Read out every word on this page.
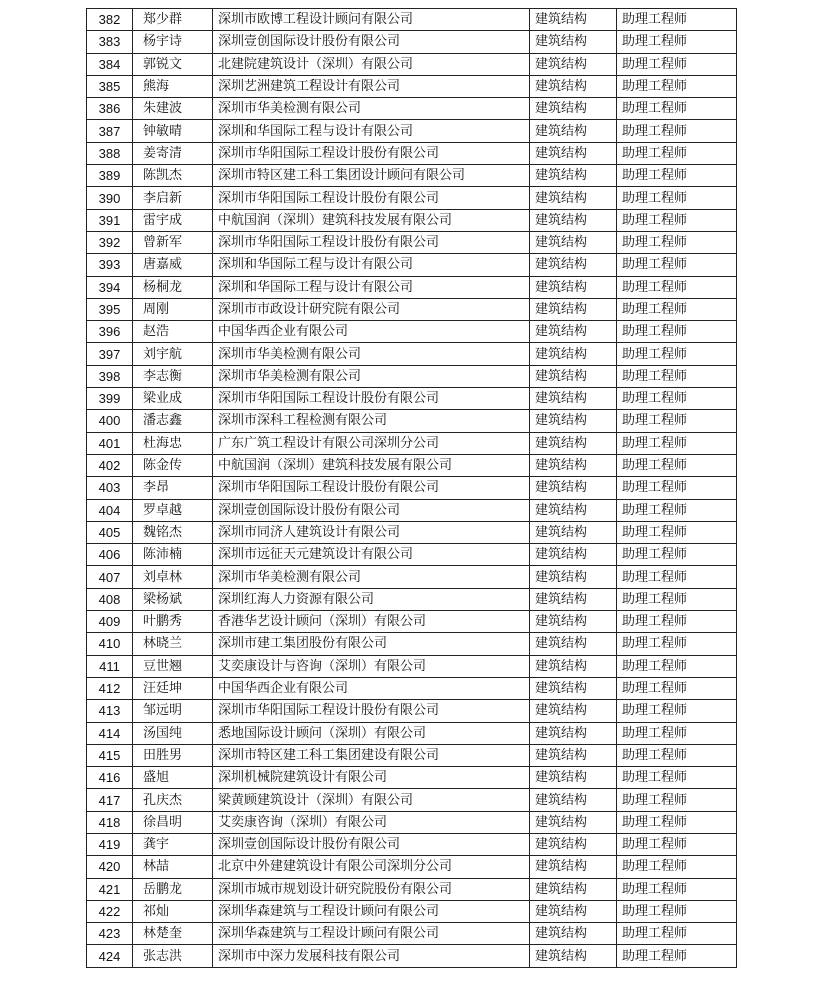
382	郑少群	深圳市欧博工程设计顾问有限公司	建筑结构	助理工程师
383	杨宇诗	深圳壹创国际设计股份有限公司	建筑结构	助理工程师
384	郭锐文	北建院建筑设计（深圳）有限公司	建筑结构	助理工程师
385	熊海	深圳艺洲建筑工程设计有限公司	建筑结构	助理工程师
386	朱建波	深圳市华美检测有限公司	建筑结构	助理工程师
387	钟敏晴	深圳和华国际工程与设计有限公司	建筑结构	助理工程师
388	姜寄清	深圳市华阳国际工程设计股份有限公司	建筑结构	助理工程师
389	陈凯杰	深圳市特区建工科工集团设计顾问有限公司	建筑结构	助理工程师
390	李启新	深圳市华阳国际工程设计股份有限公司	建筑结构	助理工程师
391	雷宇成	中航国润（深圳）建筑科技发展有限公司	建筑结构	助理工程师
392	曾新军	深圳市华阳国际工程设计股份有限公司	建筑结构	助理工程师
393	唐嘉威	深圳和华国际工程与设计有限公司	建筑结构	助理工程师
394	杨桐龙	深圳和华国际工程与设计有限公司	建筑结构	助理工程师
395	周刚	深圳市市政设计研究院有限公司	建筑结构	助理工程师
396	赵浩	中国华西企业有限公司	建筑结构	助理工程师
397	刘宇航	深圳市华美检测有限公司	建筑结构	助理工程师
398	李志衡	深圳市华美检测有限公司	建筑结构	助理工程师
399	梁业成	深圳市华阳国际工程设计股份有限公司	建筑结构	助理工程师
400	潘志鑫	深圳市深科工程检测有限公司	建筑结构	助理工程师
401	杜海忠	广东广筑工程设计有限公司深圳分公司	建筑结构	助理工程师
402	陈金传	中航国润（深圳）建筑科技发展有限公司	建筑结构	助理工程师
403	李昂	深圳市华阳国际工程设计股份有限公司	建筑结构	助理工程师
404	罗卓越	深圳壹创国际设计股份有限公司	建筑结构	助理工程师
405	魏铭杰	深圳市同济人建筑设计有限公司	建筑结构	助理工程师
406	陈沛楠	深圳市远征天元建筑设计有限公司	建筑结构	助理工程师
407	刘卓林	深圳市华美检测有限公司	建筑结构	助理工程师
408	梁杨斌	深圳红海人力资源有限公司	建筑结构	助理工程师
409	叶鹏秀	香港华艺设计顾问（深圳）有限公司	建筑结构	助理工程师
410	林晓兰	深圳市建工集团股份有限公司	建筑结构	助理工程师
411	豆世翘	艾奕康设计与咨询（深圳）有限公司	建筑结构	助理工程师
412	汪廷坤	中国华西企业有限公司	建筑结构	助理工程师
413	邹远明	深圳市华阳国际工程设计股份有限公司	建筑结构	助理工程师
414	汤国纯	悉地国际设计顾问（深圳）有限公司	建筑结构	助理工程师
415	田胜男	深圳市特区建工科工集团建设有限公司	建筑结构	助理工程师
416	盛旭	深圳机械院建筑设计有限公司	建筑结构	助理工程师
417	孔庆杰	梁黄顾建筑设计（深圳）有限公司	建筑结构	助理工程师
418	徐昌明	艾奕康咨询（深圳）有限公司	建筑结构	助理工程师
419	龚宇	深圳壹创国际设计股份有限公司	建筑结构	助理工程师
420	林喆	北京中外建建筑设计有限公司深圳分公司	建筑结构	助理工程师
421	岳鹏龙	深圳市城市规划设计研究院股份有限公司	建筑结构	助理工程师
422	祁灿	深圳华森建筑与工程设计顾问有限公司	建筑结构	助理工程师
423	林楚奎	深圳华森建筑与工程设计顾问有限公司	建筑结构	助理工程师
424	张志洪	深圳市中深力发展科技有限公司	建筑结构	助理工程师
